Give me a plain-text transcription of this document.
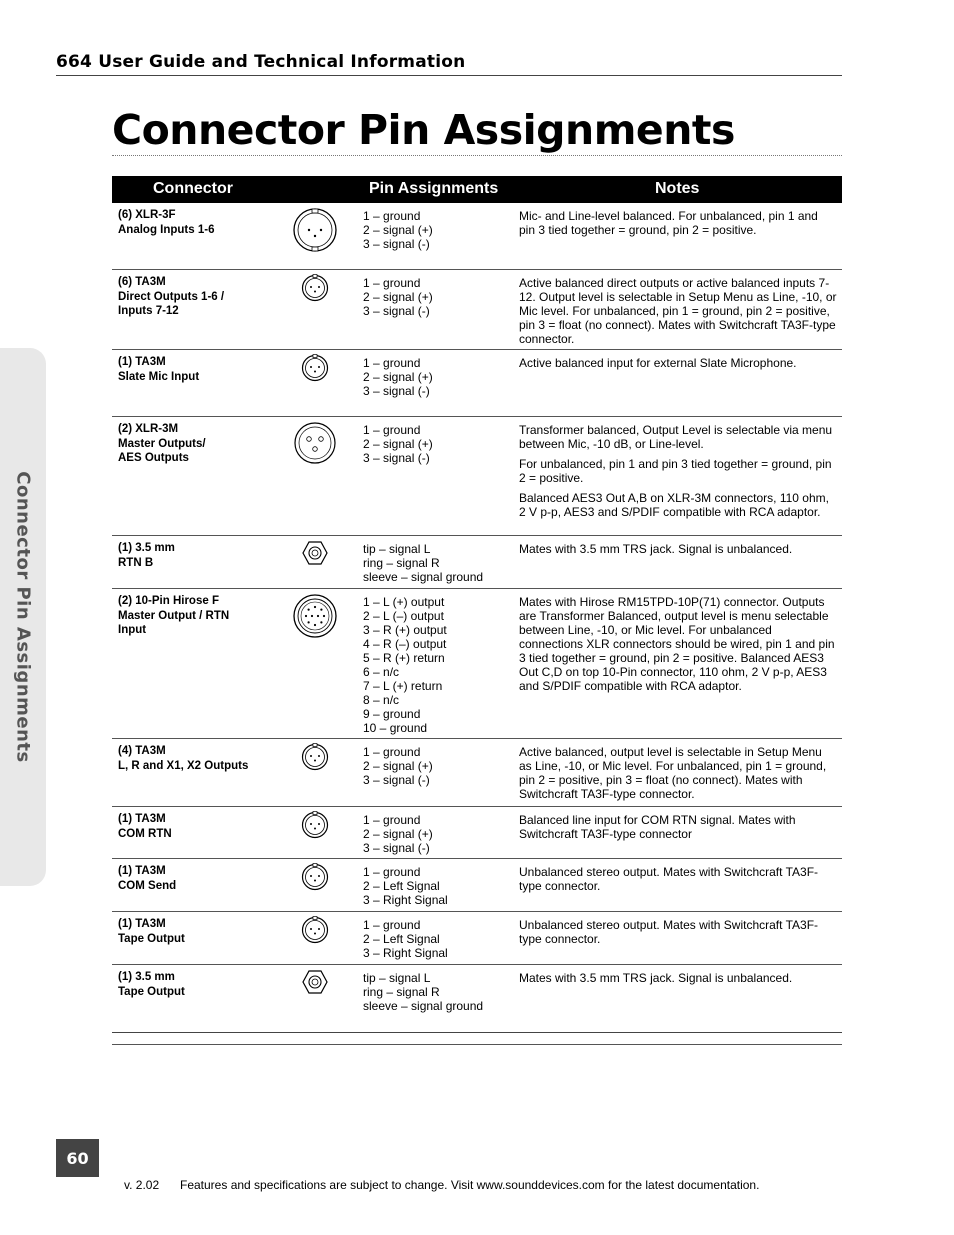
664 User Guide and Technical Information
Connector Pin Assignments
Connector Pin Assignments
Connector	Pin Assignments	Notes
(6) XLR-3F
Analog Inputs 1-6
1 – ground
2 – signal (+)
3 – signal (-)

Mic- and Line-level balanced. For unbalanced, pin 1 and pin 3 tied together = ground, pin 2 = positive.

(6) TA3M
Direct Outputs 1-6 /
Inputs 7-12
1 – ground
2 – signal (+)
3 – signal (-)

Active balanced direct outputs or active balanced inputs 7-12. Output level is selectable in Setup Menu as Line, -10, or Mic level. For unbalanced, pin 1 = ground, pin 2 = positive, pin 3 = float (no connect). Mates with Switchcraft TA3F-type connector.

(1) TA3M
Slate Mic Input
1 – ground
2 – signal (+)
3 – signal (-)

Active balanced input for external Slate Microphone.

(2) XLR-3M
Master Outputs/
AES Outputs
1 – ground
2 – signal (+)
3 – signal (-)

Transformer balanced, Output Level is selectable via menu between Mic, -10 dB, or Line-level.

For unbalanced, pin 1 and pin 3 tied together = ground, pin 2 = positive.

Balanced AES3 Out A,B on XLR-3M connectors, 110 ohm, 2 V p-p, AES3 and S/PDIF compatible with RCA adaptor.

(1) 3.5 mm
RTN B
tip – signal L
ring – signal R
sleeve – signal ground

Mates with 3.5 mm TRS jack. Signal is unbalanced.

(2) 10-Pin Hirose F
Master Output / RTN
Input
1 – L (+) output
2 – L (–) output
3 – R (+) output
4 – R (–) output
5 – R (+) return
6 – n/c
7 – L (+) return
8 – n/c
9 – ground
10 – ground

Mates with Hirose RM15TPD-10P(71) connector. Outputs are Transformer Balanced, output level is menu selectable between Line, -10, or Mic level. For unbalanced connections XLR connectors should be wired, pin 1 and pin 3 tied together = ground, pin 2 = positive. Balanced AES3 Out C,D on top 10-Pin connector, 110 ohm, 2 V p-p, AES3 and S/PDIF compatible with RCA adaptor.

(4) TA3M
L, R and X1, X2 Outputs
1 – ground
2 – signal (+)
3 – signal (-)

Active balanced, output level is selectable in Setup Menu as Line, -10, or Mic level. For unbalanced, pin 1 = ground, pin 2 = positive, pin 3 = float (no connect). Mates with Switchcraft TA3F-type connector.

(1) TA3M
COM RTN
1 – ground
2 – signal (+)
3 – signal (-)

Balanced line input for COM RTN signal. Mates with Switchcraft TA3F-type connector

(1) TA3M
COM Send
1 – ground
2 – Left Signal
3 – Right Signal

Unbalanced stereo output. Mates with Switchcraft TA3F-type connector.

(1) TA3M
Tape Output
1 – ground
2 – Left Signal
3 – Right Signal

Unbalanced stereo output. Mates with Switchcraft TA3F-type connector.

(1) 3.5 mm
Tape Output
tip – signal L
ring – signal R
sleeve – signal ground

Mates with 3.5 mm TRS jack. Signal is unbalanced.

60
v. 2.02 Features and specifications are subject to change. Visit www.sounddevices.com for the latest documentation.
